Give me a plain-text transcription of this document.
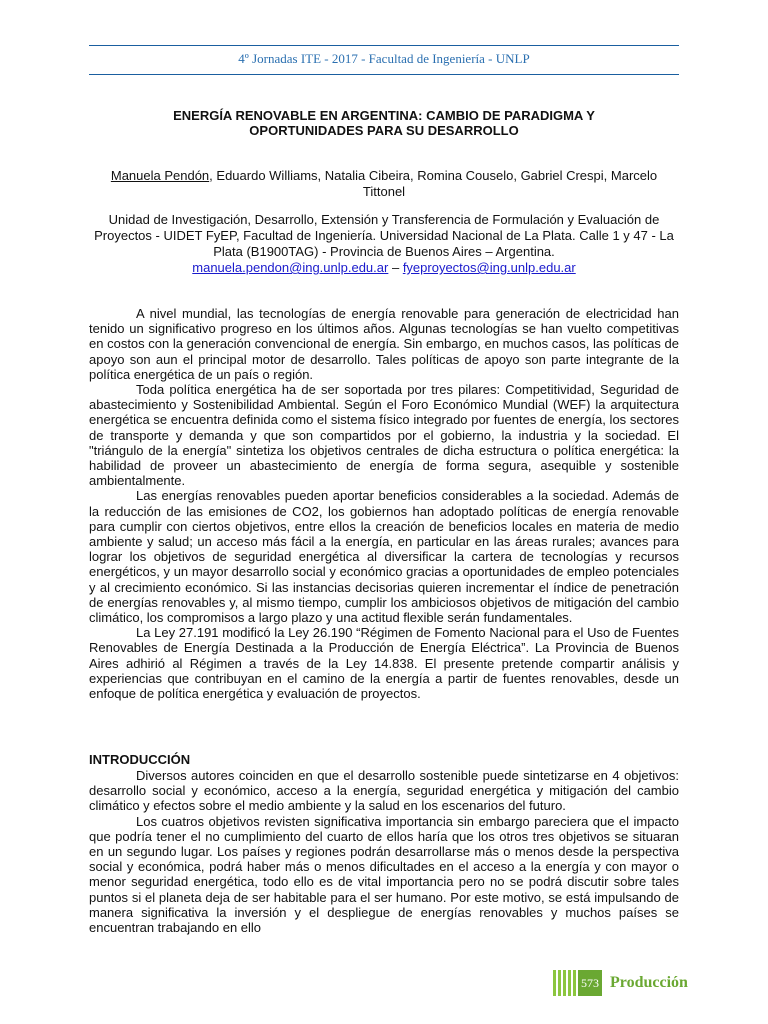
4º Jornadas ITE - 2017 - Facultad de Ingeniería - UNLP
ENERGÍA RENOVABLE EN ARGENTINA: CAMBIO DE PARADIGMA Y OPORTUNIDADES PARA SU DESARROLLO
Manuela Pendón, Eduardo Williams, Natalia Cibeira, Romina Couselo, Gabriel Crespi, Marcelo Tittonel
Unidad de Investigación, Desarrollo, Extensión y Transferencia de Formulación y Evaluación de Proyectos - UIDET FyEP, Facultad de Ingeniería. Universidad Nacional de La Plata. Calle 1 y 47 - La Plata (B1900TAG) - Provincia de Buenos Aires – Argentina.
manuela.pendon@ing.unlp.edu.ar – fyeproyectos@ing.unlp.edu.ar

A nivel mundial, las tecnologías de energía renovable para generación de electricidad han tenido un significativo progreso en los últimos años. Algunas tecnologías se han vuelto competitivas en costos con la generación convencional de energía. Sin embargo, en muchos casos, las políticas de apoyo son aun el principal motor de desarrollo. Tales políticas de apoyo son parte integrante de la política energética de un país o región.

Toda política energética ha de ser soportada por tres pilares: Competitividad, Seguridad de abastecimiento y Sostenibilidad Ambiental. Según el Foro Económico Mundial (WEF) la arquitectura energética se encuentra definida como el sistema físico integrado por fuentes de energía, los sectores de transporte y demanda y que son compartidos por el gobierno, la industria y la sociedad. El "triángulo de la energía" sintetiza los objetivos centrales de dicha estructura o política energética: la habilidad de proveer un abastecimiento de energía de forma segura, asequible y sostenible ambientalmente.

Las energías renovables pueden aportar beneficios considerables a la sociedad. Además de la reducción de las emisiones de CO2, los gobiernos han adoptado políticas de energía renovable para cumplir con ciertos objetivos, entre ellos la creación de beneficios locales en materia de medio ambiente y salud; un acceso más fácil a la energía, en particular en las áreas rurales; avances para lograr los objetivos de seguridad energética al diversificar la cartera de tecnologías y recursos energéticos, y un mayor desarrollo social y económico gracias a oportunidades de empleo potenciales y al crecimiento económico. Si las instancias decisorias quieren incrementar el índice de penetración de energías renovables y, al mismo tiempo, cumplir los ambiciosos objetivos de mitigación del cambio climático, los compromisos a largo plazo y una actitud flexible serán fundamentales.

La Ley 27.191 modificó la Ley 26.190 “Régimen de Fomento Nacional para el Uso de Fuentes Renovables de Energía Destinada a la Producción de Energía Eléctrica”. La Provincia de Buenos Aires adhirió al Régimen a través de la Ley 14.838. El presente pretende compartir análisis y experiencias que contribuyan en el camino de la energía a partir de fuentes renovables, desde un enfoque de política energética y evaluación de proyectos.

INTRODUCCIÓN

Diversos autores coinciden en que el desarrollo sostenible puede sintetizarse en 4 objetivos: desarrollo social y económico, acceso a la energía, seguridad energética y mitigación del cambio climático y efectos sobre el medio ambiente y la salud en los escenarios del futuro.

Los cuatros objetivos revisten significativa importancia sin embargo pareciera que el impacto que podría tener el no cumplimiento del cuarto de ellos haría que los otros tres objetivos se situaran en un segundo lugar. Los países y regiones podrán desarrollarse más o menos desde la perspectiva social y económica, podrá haber más o menos dificultades en el acceso a la energía y con mayor o menor seguridad energética, todo ello es de vital importancia pero no se podrá discutir sobre tales puntos si el planeta deja de ser habitable para el ser humano. Por este motivo, se está impulsando de manera significativa la inversión y el despliegue de energías renovables y muchos países se encuentran trabajando en ello

573 Producción
